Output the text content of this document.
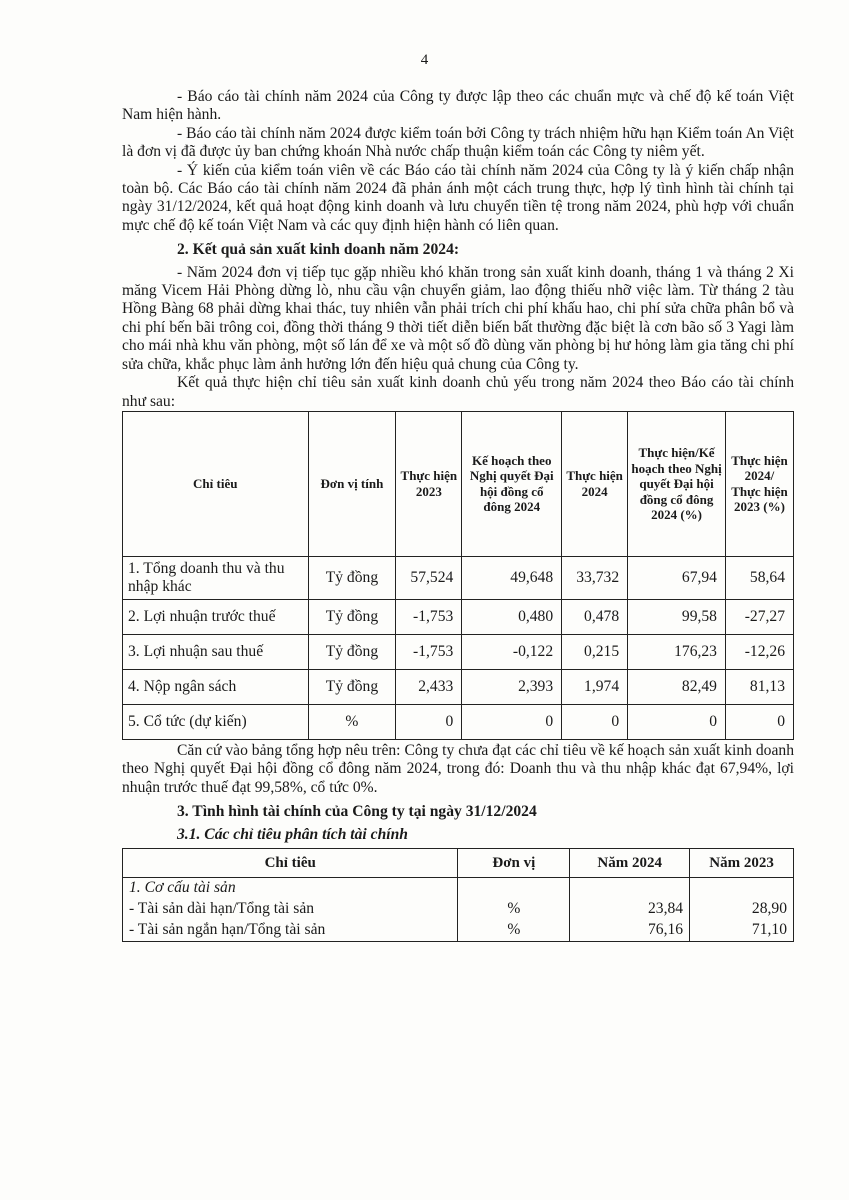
4

- Báo cáo tài chính năm 2024 của Công ty được lập theo các chuẩn mực và chế độ kế toán Việt Nam hiện hành.

- Báo cáo tài chính năm 2024 được kiểm toán bởi Công ty trách nhiệm hữu hạn Kiểm toán An Việt là đơn vị đã được ủy ban chứng khoán Nhà nước chấp thuận kiểm toán các Công ty niêm yết.

- Ý kiến của kiểm toán viên về các Báo cáo tài chính năm 2024 của Công ty là ý kiến chấp nhận toàn bộ. Các Báo cáo tài chính năm 2024 đã phản ánh một cách trung thực, hợp lý tình hình tài chính tại ngày 31/12/2024, kết quả hoạt động kinh doanh và lưu chuyển tiền tệ trong năm 2024, phù hợp với chuẩn mực chế độ kế toán Việt Nam và các quy định hiện hành có liên quan.

2. Kết quả sản xuất kinh doanh năm 2024:

- Năm 2024 đơn vị tiếp tục gặp nhiều khó khăn trong sản xuất kinh doanh, tháng 1 và tháng 2 Xi măng Vicem Hải Phòng dừng lò, nhu cầu vận chuyển giảm, lao động thiếu nhỡ việc làm. Từ tháng 2 tàu Hồng Bàng 68 phải dừng khai thác, tuy nhiên vẫn phải trích chi phí khấu hao, chi phí sửa chữa phân bổ và chi phí bến bãi trông coi, đồng thời tháng 9 thời tiết diễn biến bất thường đặc biệt là cơn bão số 3 Yagi làm cho mái nhà khu văn phòng, một số lán để xe và một số đồ dùng văn phòng bị hư hỏng làm gia tăng chi phí sửa chữa, khắc phục làm ảnh hưởng lớn đến hiệu quả chung của Công ty.

Kết quả thực hiện chỉ tiêu sản xuất kinh doanh chủ yếu trong năm 2024 theo Báo cáo tài chính như sau:

Chỉ tiêu	Đơn vị tính	Thực hiện 2023	Kế hoạch theo Nghị quyết Đại hội đồng cổ đông 2024	Thực hiện 2024	Thực hiện/Kế hoạch theo Nghị quyết Đại hội đồng cổ đông 2024 (%)	Thực hiện 2024/ Thực hiện 2023 (%)
1. Tổng doanh thu và thu nhập khác	Tỷ đồng	57,524	49,648	33,732	67,94	58,64
2. Lợi nhuận trước thuế	Tỷ đồng	-1,753	0,480	0,478	99,58	-27,27
3. Lợi nhuận sau thuế	Tỷ đồng	-1,753	-0,122	0,215	176,23	-12,26
4. Nộp ngân sách	Tỷ đồng	2,433	2,393	1,974	82,49	81,13
5. Cổ tức (dự kiến)	%	0	0	0	0	0

Căn cứ vào bảng tổng hợp nêu trên: Công ty chưa đạt các chỉ tiêu về kế hoạch sản xuất kinh doanh theo Nghị quyết Đại hội đồng cổ đông năm 2024, trong đó: Doanh thu và thu nhập khác đạt 67,94%, lợi nhuận trước thuế đạt 99,58%, cổ tức 0%.

3. Tình hình tài chính của Công ty tại ngày 31/12/2024
3.1. Các chỉ tiêu phân tích tài chính
Chỉ tiêu	Đơn vị	Năm 2024	Năm 2023
1. Cơ cấu tài sản			
- Tài sản dài hạn/Tổng tài sản	%	23,84	28,90
- Tài sản ngắn hạn/Tổng tài sản	%	76,16	71,10
